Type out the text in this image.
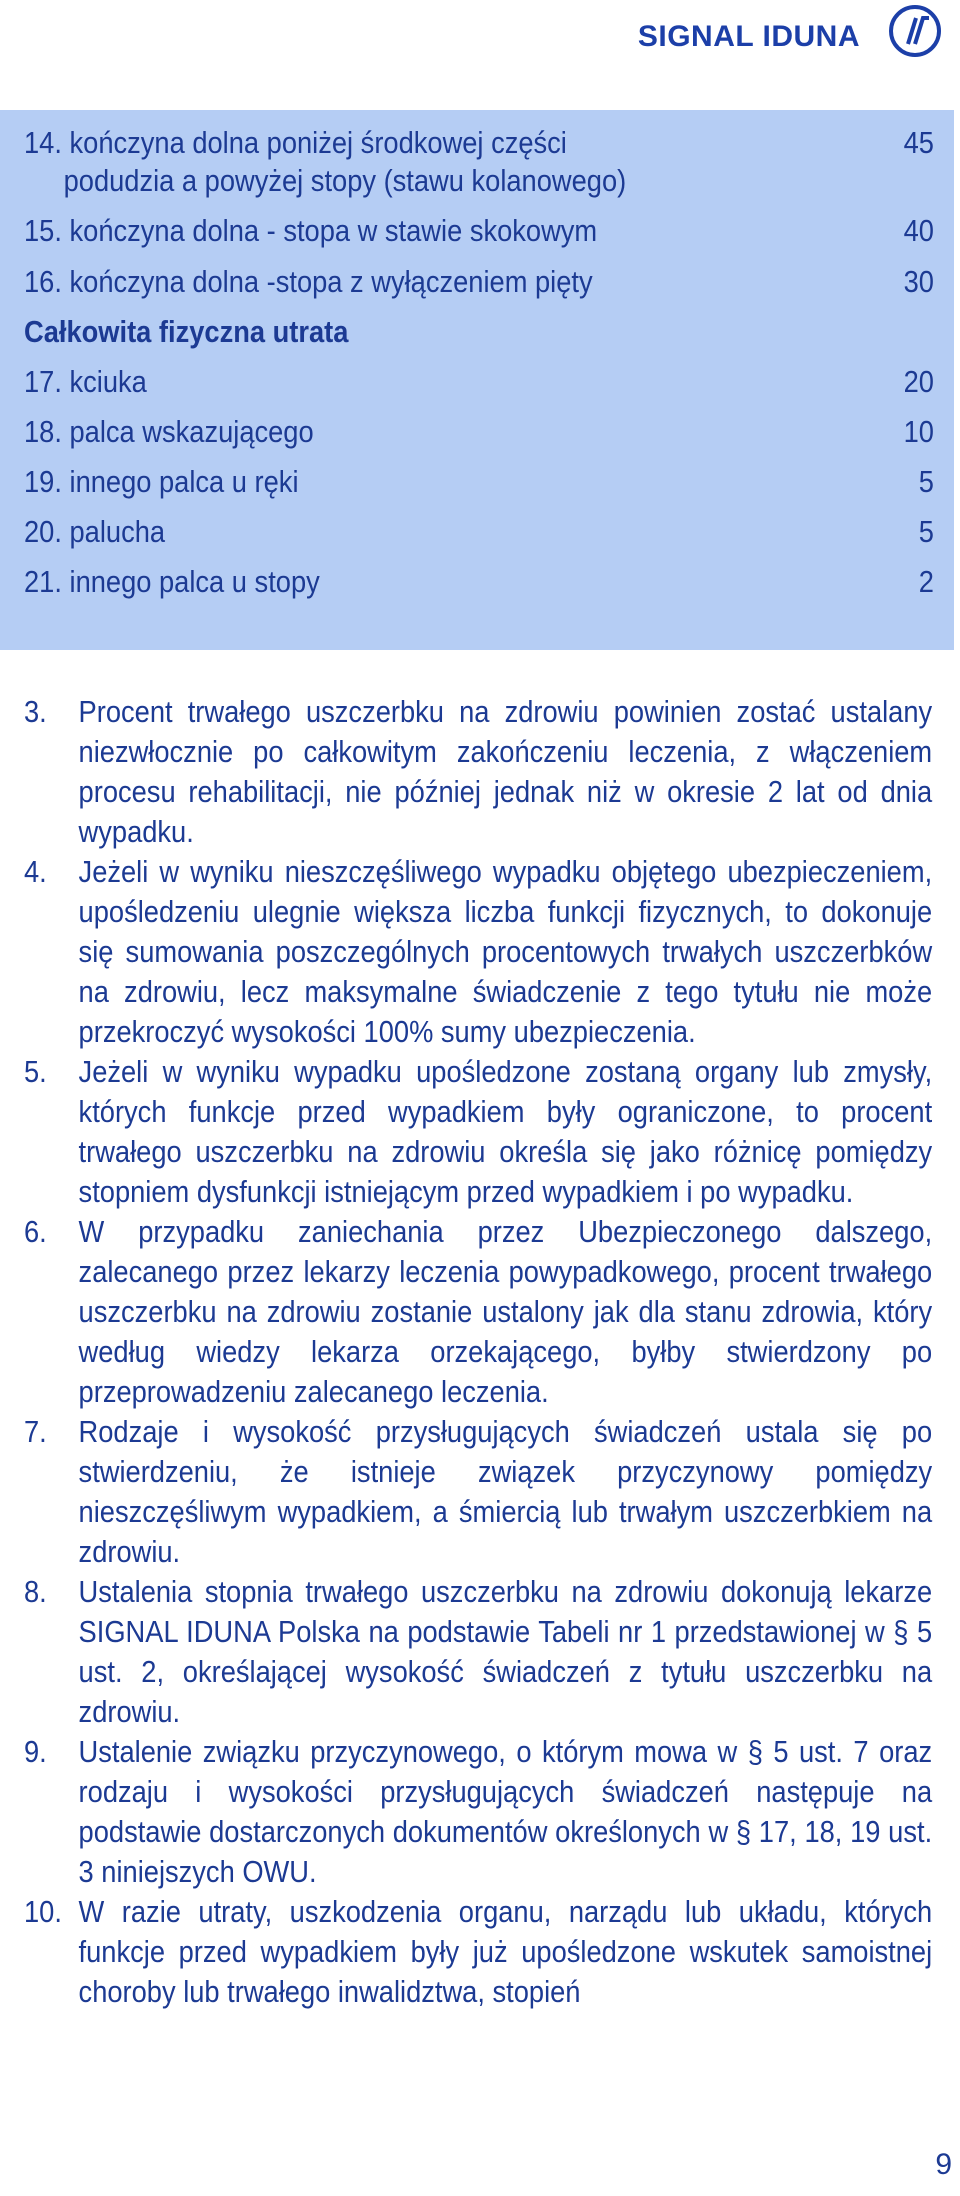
SIGNAL IDUNA
14. kończyna dolna poniżej środkowej części	45
podudzia a powyżej stopy (stawu kolanowego)
15. kończyna dolna - stopa w stawie skokowym	40
16. kończyna dolna -stopa z wyłączeniem pięty	30
Całkowita fizyczna utrata
17. kciuka	20
18. palca wskazującego	10
19. innego palca u ręki	5
20. palucha	5
21. innego palca u stopy	2
3. Procent trwałego uszczerbku na zdrowiu powinien zostać ustalany niezwłocznie po całkowitym zakończeniu leczenia, z włączeniem procesu rehabilitacji, nie później jednak niż w okresie 2 lat od dnia wypadku.
4. Jeżeli w wyniku nieszczęśliwego wypadku objętego ubezpieczeniem, upośledzeniu ulegnie większa liczba funkcji fizycznych, to dokonuje się sumowania poszczególnych procentowych trwałych uszczerbków na zdrowiu, lecz maksymalne świadczenie z tego tytułu nie może przekroczyć wysokości 100% sumy ubezpieczenia.
5. Jeżeli w wyniku wypadku upośledzone zostaną organy lub zmysły, których funkcje przed wypadkiem były ograniczone, to procent trwałego uszczerbku na zdrowiu określa się jako różnicę pomiędzy stopniem dysfunkcji istniejącym przed wypadkiem i po wypadku.
6. W przypadku zaniechania przez Ubezpieczonego dalszego, zalecanego przez lekarzy leczenia powypadkowego, procent trwałego uszczerbku na zdrowiu zostanie ustalony jak dla stanu zdrowia, który według wiedzy lekarza orzekającego, byłby stwierdzony po przeprowadzeniu zalecanego leczenia.
7. Rodzaje i wysokość przysługujących świadczeń ustala się po stwierdzeniu, że istnieje związek przyczynowy pomiędzy nieszczęśliwym wypadkiem, a śmiercią lub trwałym uszczerbkiem na zdrowiu.
8. Ustalenia stopnia trwałego uszczerbku na zdrowiu dokonują lekarze SIGNAL IDUNA Polska na podstawie Tabeli nr 1 przedstawionej w § 5 ust. 2, określającej wysokość świadczeń z tytułu uszczerbku na zdrowiu.
9. Ustalenie związku przyczynowego, o którym mowa w § 5 ust. 7 oraz rodzaju i wysokości przysługujących świadczeń następuje na podstawie dostarczonych dokumentów określonych w § 17, 18, 19 ust. 3 niniejszych OWU.
10. W razie utraty, uszkodzenia organu, narządu lub układu, których funkcje przed wypadkiem były już upośledzone wskutek samoistnej choroby lub trwałego inwalidztwa, stopień
9
